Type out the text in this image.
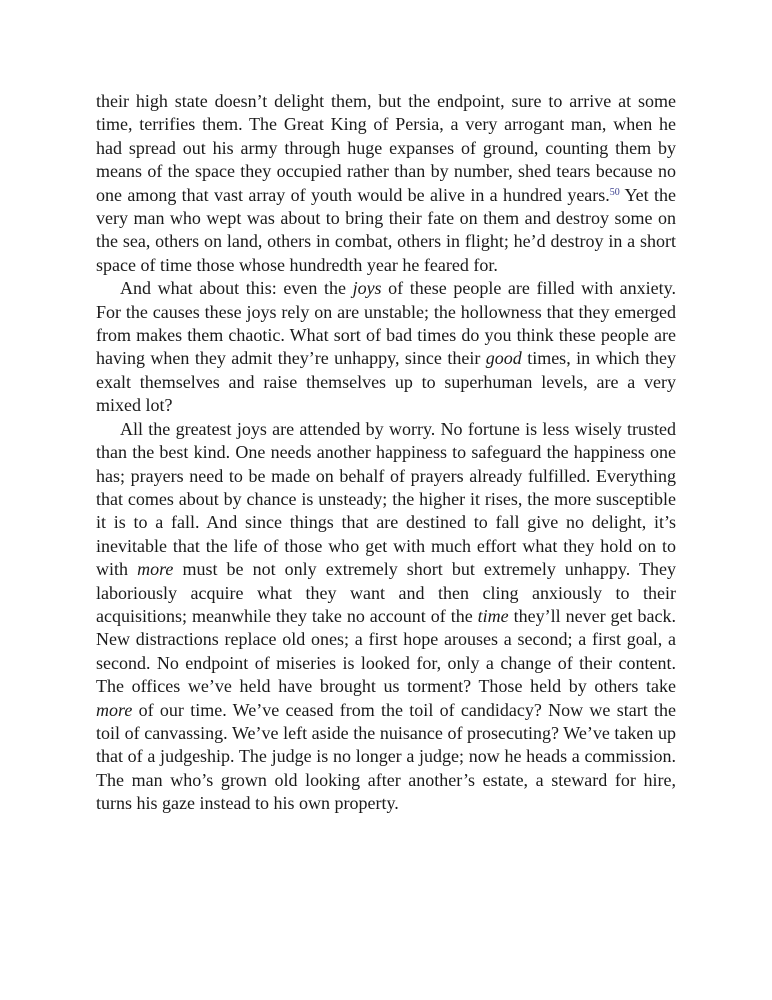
their high state doesn’t delight them, but the endpoint, sure to arrive at some time, terrifies them. The Great King of Persia, a very arrogant man, when he had spread out his army through huge expanses of ground, counting them by means of the space they occupied rather than by number, shed tears because no one among that vast array of youth would be alive in a hundred years.$^{50}$ Yet the very man who wept was about to bring their fate on them and destroy some on the sea, others on land, others in combat, others in flight; he’d destroy in a short space of time those whose hundredth year he feared for.

And what about this: even the joys of these people are filled with anxiety. For the causes these joys rely on are unstable; the hollowness that they emerged from makes them chaotic. What sort of bad times do you think these people are having when they admit they’re unhappy, since their good times, in which they exalt themselves and raise themselves up to superhuman levels, are a very mixed lot?

All the greatest joys are attended by worry. No fortune is less wisely trusted than the best kind. One needs another happiness to safeguard the happiness one has; prayers need to be made on behalf of prayers already fulfilled. Everything that comes about by chance is unsteady; the higher it rises, the more susceptible it is to a fall. And since things that are destined to fall give no delight, it’s inevitable that the life of those who get with much effort what they hold on to with more must be not only extremely short but extremely unhappy. They laboriously acquire what they want and then cling anxiously to their acquisitions; meanwhile they take no account of the time they’ll never get back. New distractions replace old ones; a first hope arouses a second; a first goal, a second. No endpoint of miseries is looked for, only a change of their content. The offices we’ve held have brought us torment? Those held by others take more of our time. We’ve ceased from the toil of candidacy? Now we start the toil of canvassing. We’ve left aside the nuisance of prosecuting? We’ve taken up that of a judgeship. The judge is no longer a judge; now he heads a commission. The man who’s grown old looking after another’s estate, a steward for hire, turns his gaze instead to his own property.
